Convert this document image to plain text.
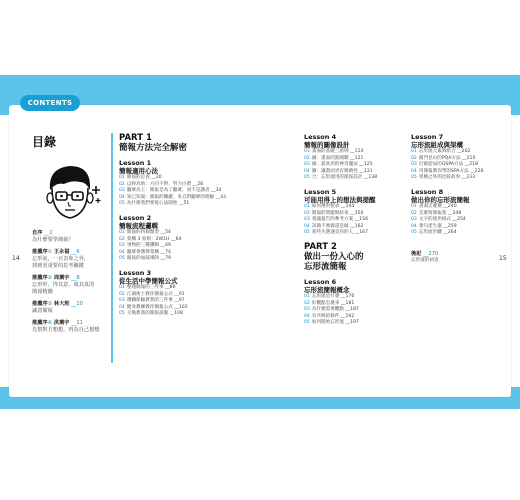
CONTENTS
14	15
目錄
自序 __2
為什麼要學簡報？
推薦序① 王永福 __6
忘形流，一百表象之外，
找到更重要的思考關鍵
推薦序② 周震宇 __8
忘形形，得其意，成其真的
簡報精髓
推薦序③ 林大班 __10
誠意簡報
推薦序④ 洪震宇 __11
先幫對方想想，再為自己想想
PART 1
簡報方法完全解密
Lesson 1
簡報適用心法
01 簡報的定義 __20
02 以終為始：方向不對，努力白費 __28
03 聽眾為王：簡報是為了聽眾，而不是講者 __34
04 知己知彼：簡報的關鍵，來自對聽眾的理解 __43
05 為什麼我們要從心法開始 __51
Lesson 2
簡報流程邏輯
01 簡報的四個類型 __54
02 架構 3 原則：2W1H __64
03 事物的三種邏輯 __69
04 聽眾會選擇架構 __74
05 簡報的加減乘除 __79
Lesson 3
從生活中學簡報公式
01 整理簡報的三件事 __86
02 江湖術士教你簡報公式 __91
03 選購保險教我的三件事 __97
04 健身教練教你簡報公式 __102
05 交換教我的簡報說服 __108
Lesson 4
簡報的圖像設計
01 畫面的基礎三原則 __114
02 圖：畫面的點閱數 __121
03 綠：最高用的神奇魔法 __125
04 圖：讓畫面更有吸睛性 __131
05 合：忘形流用的簡報設計 __138
Lesson 5
可能用得上的想法與提醒
01 如何選對製表 __144
02 簡報的問題與結束 __150
03 會議報告的參考方案 __156
04 該做不要做還是做 __162
05 那些失態遇見你的人 __167
PART 2
做出一份入心的
忘形流簡報
Lesson 6
忘形流簡報概念
01 忘形流是什麼 __176
02 好觀點怎麼來 __181
03 為什麼需要觀點 __187
04 有共鳴的條件 __192
05 如何開始忘形流 __197
Lesson 7
忘形流組成與架構
01 忘形流元素與組合 __202
02 開門見山的PQA方法 __210
03 打破從局的QSPA方法 __218
04 用簡報教你學的SPA方法 __226
05 架構之外的比較故事 __233
Lesson 8
做出你的忘形流簡報
01 書頭怎麼選 __240
02 怎麼寫簡報架 __248
03 文字的使用格式 __254
04 會句產生器 __259
05 忘形流步驟 __264
後記 __270
忘形流的初衷
